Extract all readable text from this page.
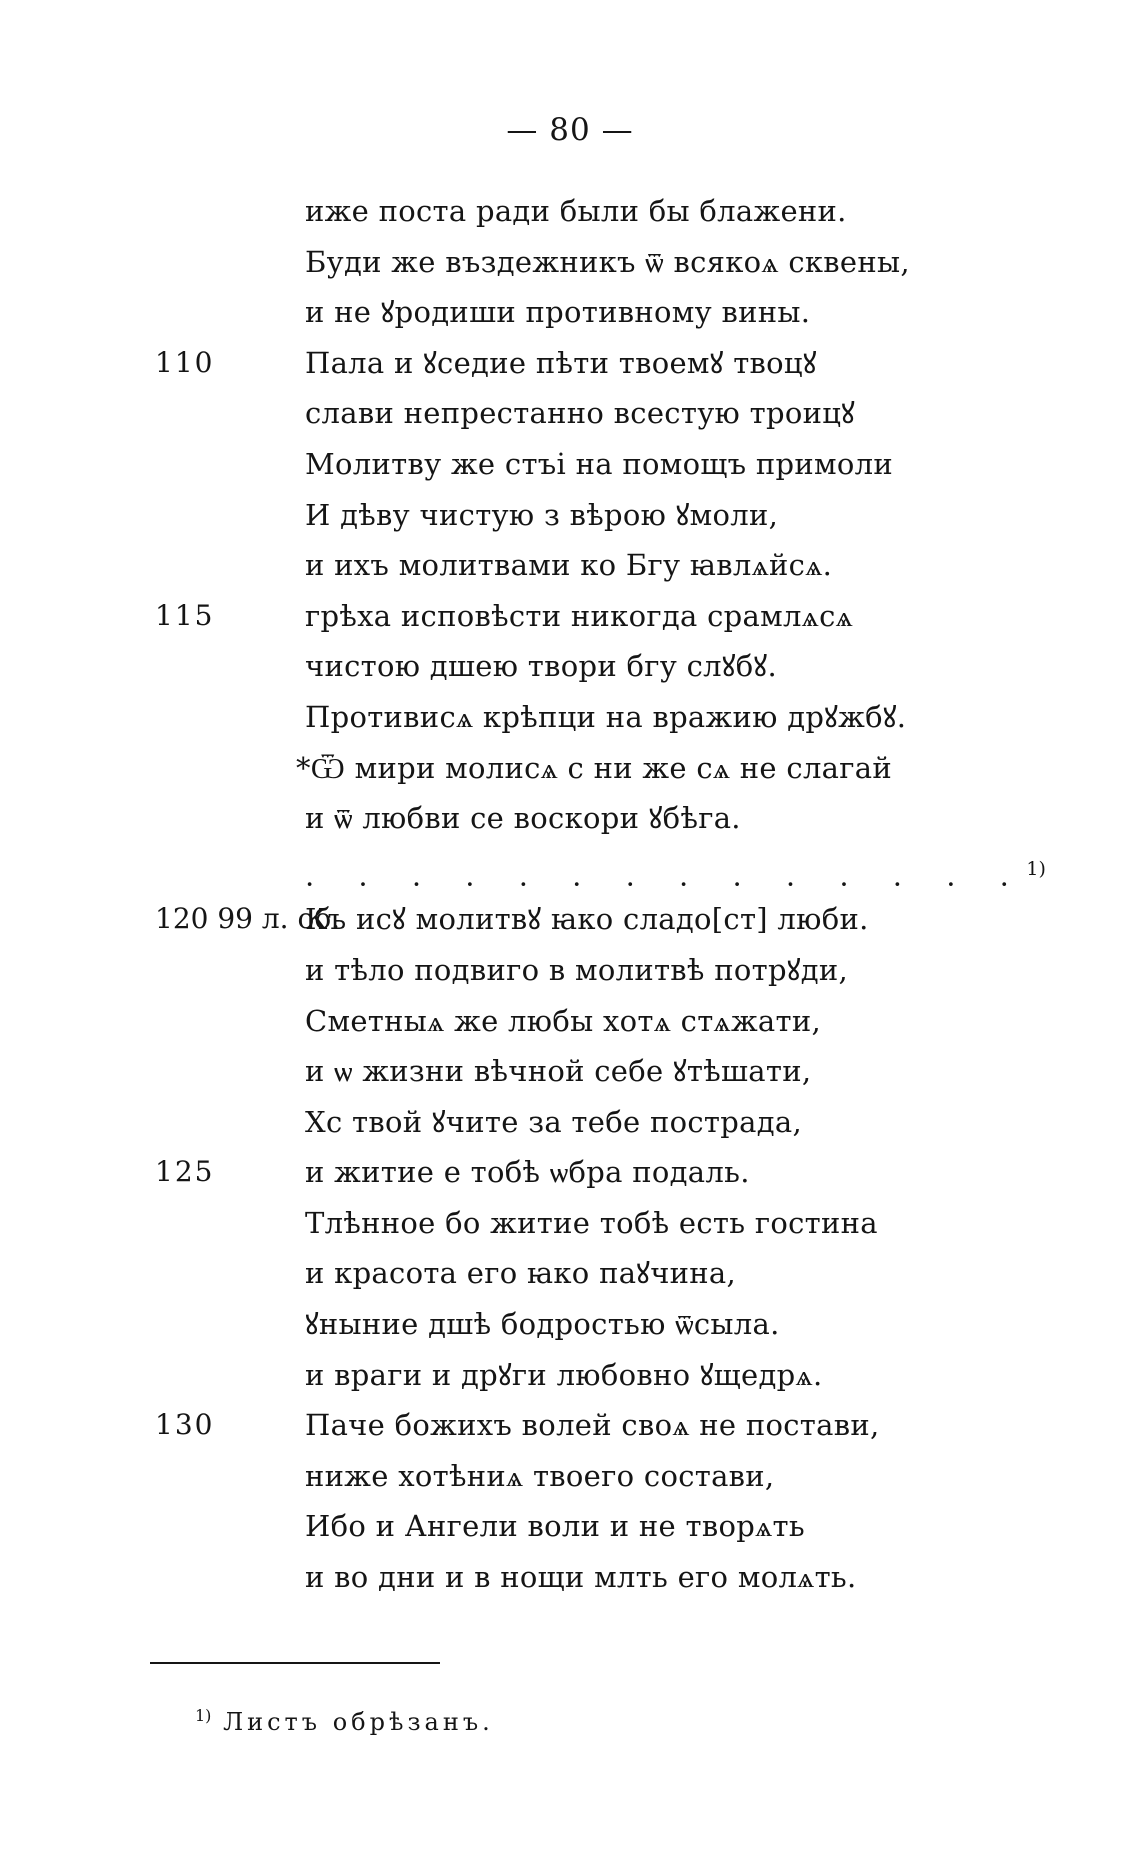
— 80 —
иже поста ради были бы блажени.
Буди же въздежникъ ѿ всякоѧ сквены,
и не ꙋродиши противному вины.
110	Пала и ꙋседие пѣти твоемꙋ твоцꙋ
слави непрестанно всестую троицꙋ
Молитву же стъі на помощъ примоли
И дѣву чистую з вѣрою ꙋмоли,
и ихъ молитвами ко Бгу ꙗвлѧйсѧ.
115	грѣха исповѣсти никогда срамлѧсѧ
чистою дшею твори бгу слꙋбꙋ.
Противисѧ крѣпци на вражию дрꙋжбꙋ.
*Ѿ мири молисѧ с ни же сѧ не слагай
и ѿ любви се воскори ꙋбѣга.
. . . . . . . . . . . . . .$^{1)}$
120 99 л. об.
Къ исꙋ молитвꙋ ꙗко сладо[ст] люби.
и тѣло подвиго в молитвѣ потрꙋди,
Сметныѧ же любы хотѧ стѧжати,
и ѡ жизни вѣчной себе ꙋтѣшати,
Хс твой ꙋчите за тебе пострада,
125	и житие е тобѣ ѡбра подаль.
Тлѣнное бо житие тобѣ есть гостина
и красота его ꙗко паꙋчина,
ꙋныние дшѣ бодростью ѿсыла.
и враги и дрꙋги любовно ꙋщедрѧ.
130	Паче божихъ волей своѧ не постави,
ниже хотѣниѧ твоего состави,
Ибо и Ангели воли и не творѧть
и во дни и в нощи млть его молѧть.
$^{1)}$ Листъ обрѣзанъ.
